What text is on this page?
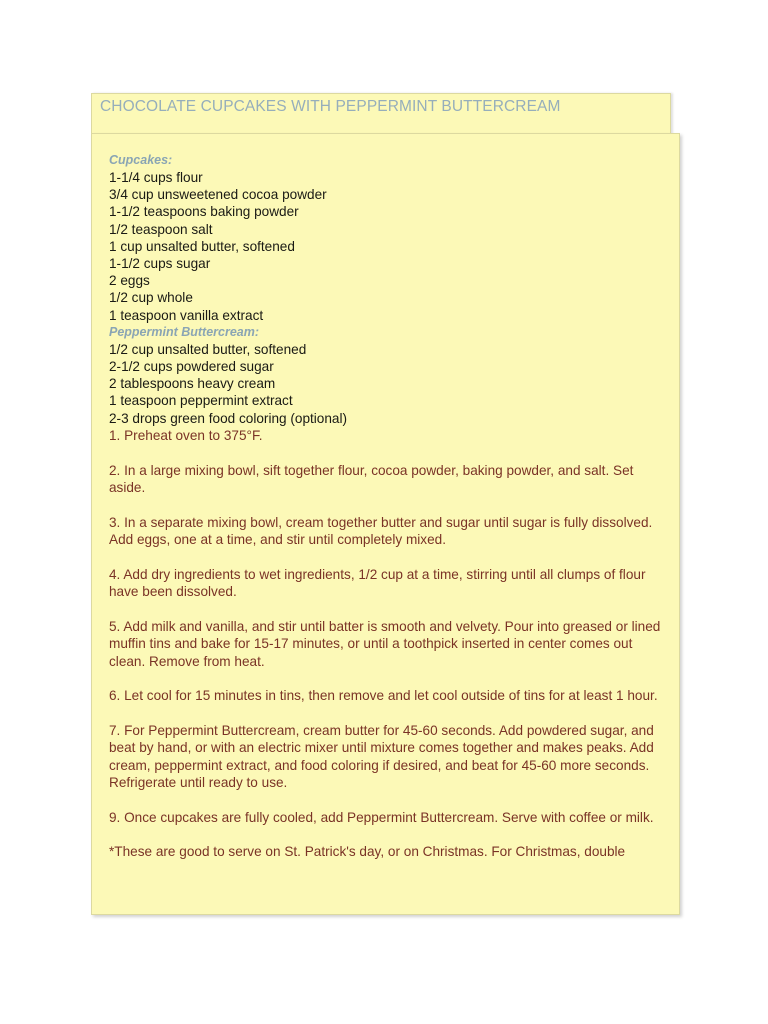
CHOCOLATE CUPCAKES WITH PEPPERMINT BUTTERCREAM
Cupcakes:
1-1/4 cups flour
3/4 cup unsweetened cocoa powder
1-1/2 teaspoons baking powder
1/2 teaspoon salt
1 cup unsalted butter, softened
1-1/2 cups sugar
2 eggs
1/2 cup whole
1 teaspoon vanilla extract
Peppermint Buttercream:
1/2 cup unsalted butter, softened
2-1/2 cups powdered sugar
2 tablespoons heavy cream
1 teaspoon peppermint extract
2-3 drops green food coloring (optional)

1. Preheat oven to 375°F.

2. In a large mixing bowl, sift together flour, cocoa powder, baking powder, and salt. Set aside.

3. In a separate mixing bowl, cream together butter and sugar until sugar is fully dissolved. Add eggs, one at a time, and stir until completely mixed.

4. Add dry ingredients to wet ingredients, 1/2 cup at a time, stirring until all clumps of flour have been dissolved.

5. Add milk and vanilla, and stir until batter is smooth and velvety. Pour into greased or lined muffin tins and bake for 15-17 minutes, or until a toothpick inserted in center comes out clean. Remove from heat.

6. Let cool for 15 minutes in tins, then remove and let cool outside of tins for at least 1 hour.

7. For Peppermint Buttercream, cream butter for 45-60 seconds. Add powdered sugar, and beat by hand, or with an electric mixer until mixture comes together and makes peaks. Add cream, peppermint extract, and food coloring if desired, and beat for 45-60 more seconds. Refrigerate until ready to use.

9. Once cupcakes are fully cooled, add Peppermint Buttercream. Serve with coffee or milk.

*These are good to serve on St. Patrick's day, or on Christmas. For Christmas, double
